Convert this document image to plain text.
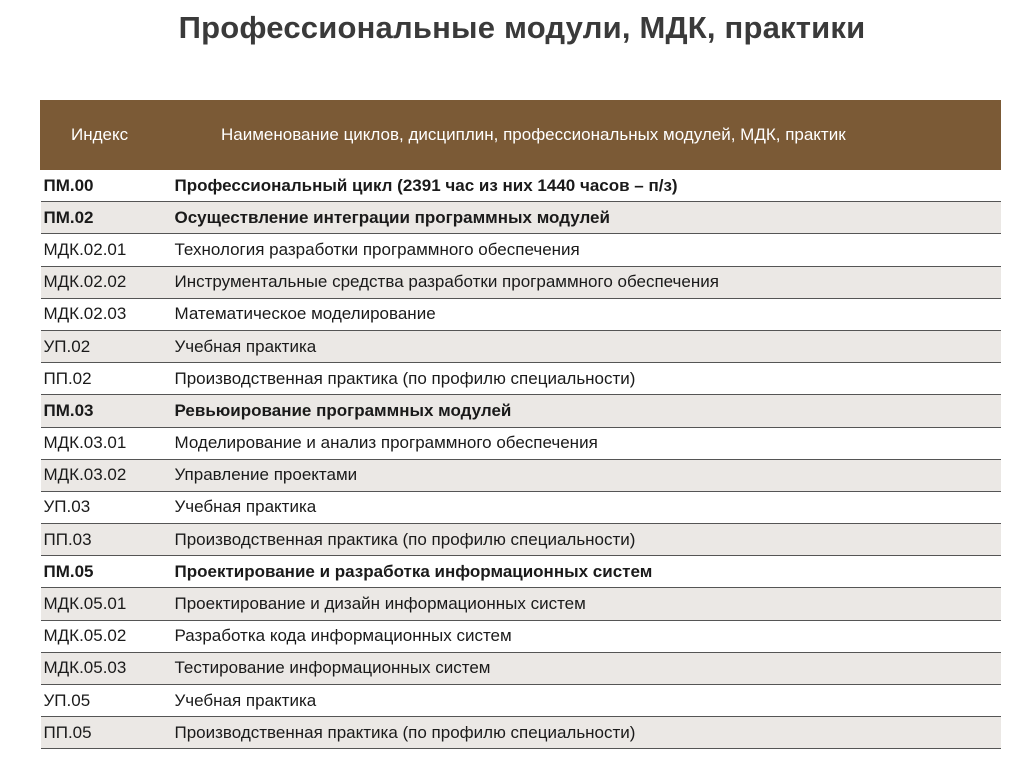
Профессиональные модули, МДК, практики
Индекс	Наименование циклов, дисциплин, профессиональных модулей, МДК, практик
ПМ.00	Профессиональный цикл (2391 час из них 1440 часов – п/з)
ПМ.02	Осуществление интеграции программных модулей
МДК.02.01	Технология разработки программного обеспечения
МДК.02.02	Инструментальные средства разработки программного обеспечения
МДК.02.03	Математическое моделирование
УП.02	Учебная практика
ПП.02	Производственная практика (по профилю специальности)
ПМ.03	Ревьюирование программных модулей
МДК.03.01	Моделирование и анализ программного обеспечения
МДК.03.02	Управление проектами
УП.03	Учебная практика
ПП.03	Производственная практика (по профилю специальности)
ПМ.05	Проектирование и разработка информационных систем
МДК.05.01	Проектирование и дизайн информационных систем
МДК.05.02	Разработка кода информационных систем
МДК.05.03	Тестирование информационных систем
УП.05	Учебная практика
ПП.05	Производственная практика (по профилю специальности)
